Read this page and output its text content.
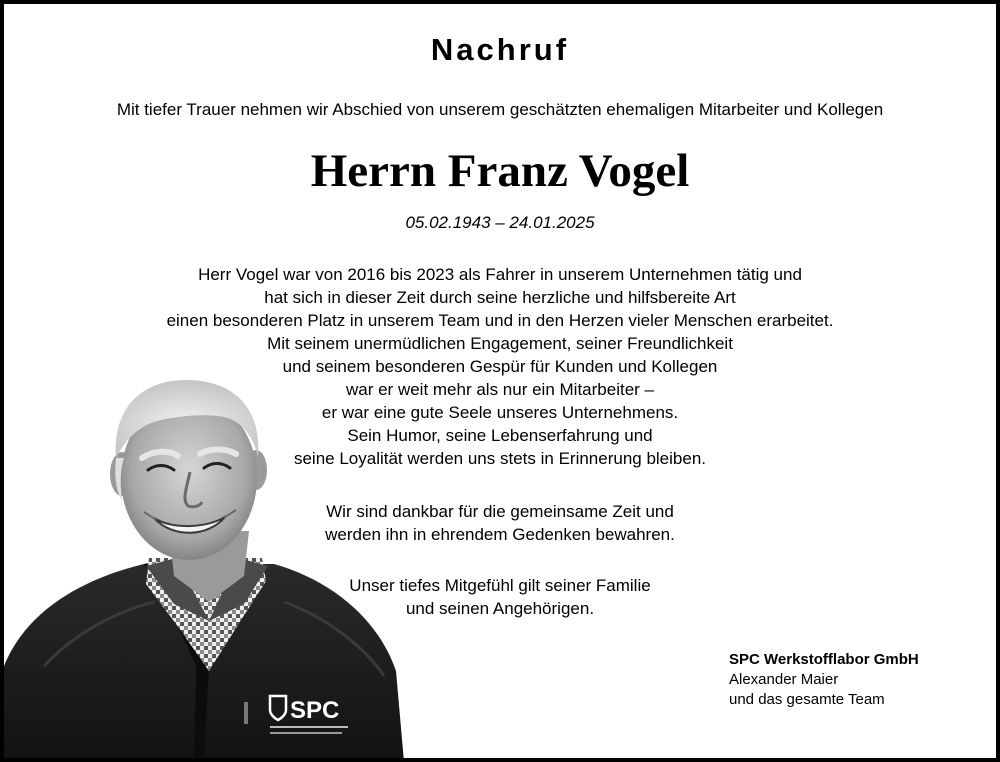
Nachruf
Mit tiefer Trauer nehmen wir Abschied von unserem geschätzten ehemaligen Mitarbeiter und Kollegen
Herrn Franz Vogel
05.02.1943 – 24.01.2025
Herr Vogel war von 2016 bis 2023 als Fahrer in unserem Unternehmen tätig und
hat sich in dieser Zeit durch seine herzliche und hilfsbereite Art
einen besonderen Platz in unserem Team und in den Herzen vieler Menschen erarbeitet.
Mit seinem unermüdlichen Engagement, seiner Freundlichkeit
und seinem besonderen Gespür für Kunden und Kollegen
war er weit mehr als nur ein Mitarbeiter –
er war eine gute Seele unseres Unternehmens.
Sein Humor, seine Lebenserfahrung und
seine Loyalität werden uns stets in Erinnerung bleiben.
Wir sind dankbar für die gemeinsame Zeit und
werden ihn in ehrendem Gedenken bewahren.
Unser tiefes Mitgefühl gilt seiner Familie
und seinen Angehörigen.
SPC Werkstofflabor GmbH
Alexander Maier
und das gesamte Team
SPC
